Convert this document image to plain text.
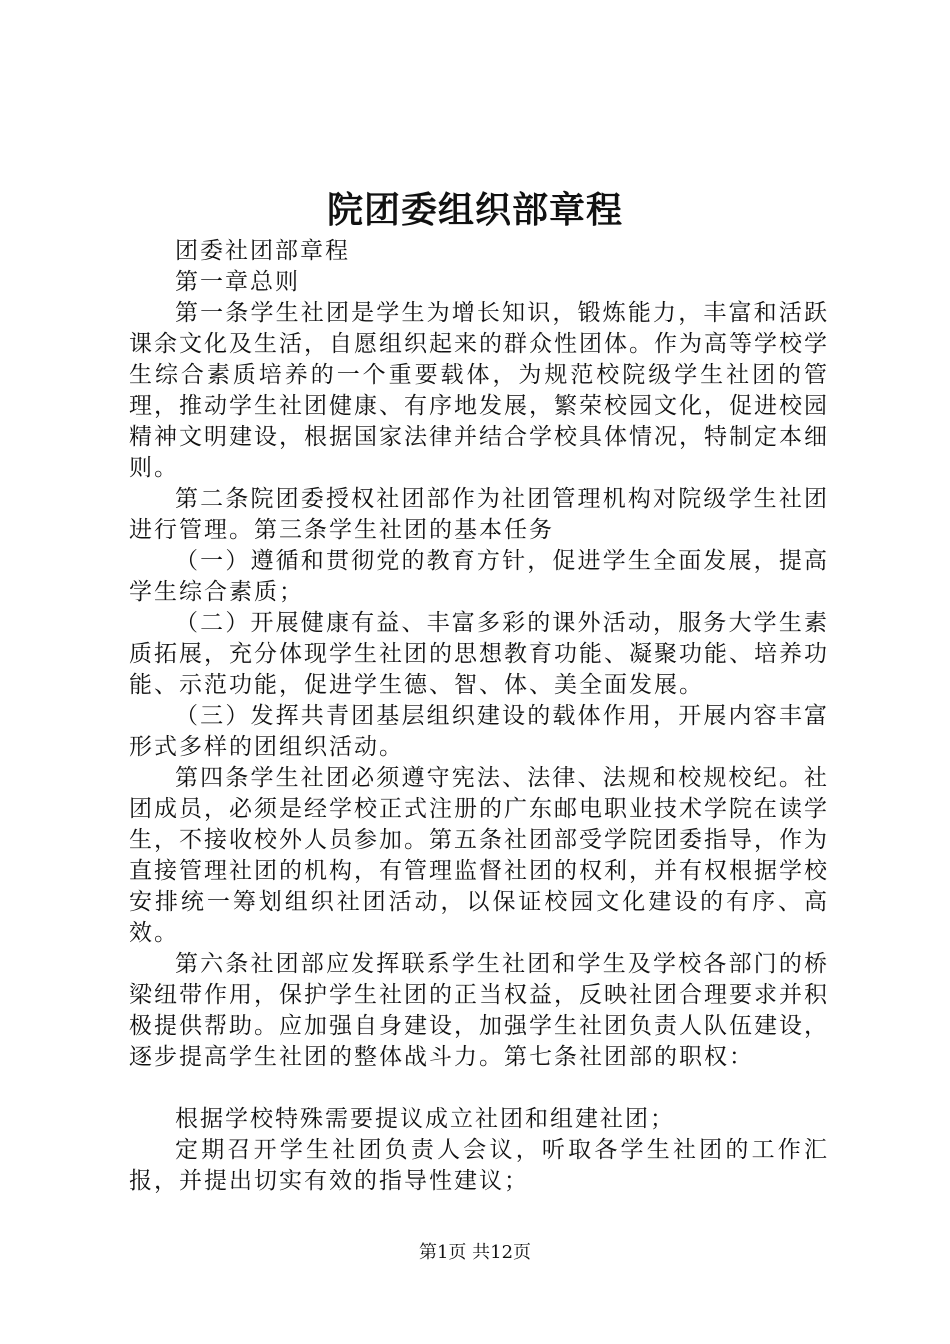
院团委组织部章程

团委社团部章程

第一章总则

第一条学生社团是学生为增长知识，锻炼能力，丰富和活跃课余文化及生活，自愿组织起来的群众性团体。作为高等学校学生综合素质培养的一个重要载体，为规范校院级学生社团的管理，推动学生社团健康、有序地发展，繁荣校园文化，促进校园精神文明建设，根据国家法律并结合学校具体情况，特制定本细则。

第二条院团委授权社团部作为社团管理机构对院级学生社团进行管理。第三条学生社团的基本任务

（一）遵循和贯彻党的教育方针，促进学生全面发展，提高学生综合素质；

（二）开展健康有益、丰富多彩的课外活动，服务大学生素质拓展，充分体现学生社团的思想教育功能、凝聚功能、培养功能、示范功能，促进学生德、智、体、美全面发展。

（三）发挥共青团基层组织建设的载体作用，开展内容丰富形式多样的团组织活动。

第四条学生社团必须遵守宪法、法律、法规和校规校纪。社团成员，必须是经学校正式注册的广东邮电职业技术学院在读学生，不接收校外人员参加。第五条社团部受学院团委指导，作为直接管理社团的机构，有管理监督社团的权利，并有权根据学校安排统一筹划组织社团活动，以保证校园文化建设的有序、高效。

第六条社团部应发挥联系学生社团和学生及学校各部门的桥梁纽带作用，保护学生社团的正当权益，反映社团合理要求并积极提供帮助。应加强自身建设，加强学生社团负责人队伍建设，逐步提高学生社团的整体战斗力。第七条社团部的职权：

根据学校特殊需要提议成立社团和组建社团；

定期召开学生社团负责人会议，听取各学生社团的工作汇报，并提出切实有效的指导性建议；

第1页 共12页
